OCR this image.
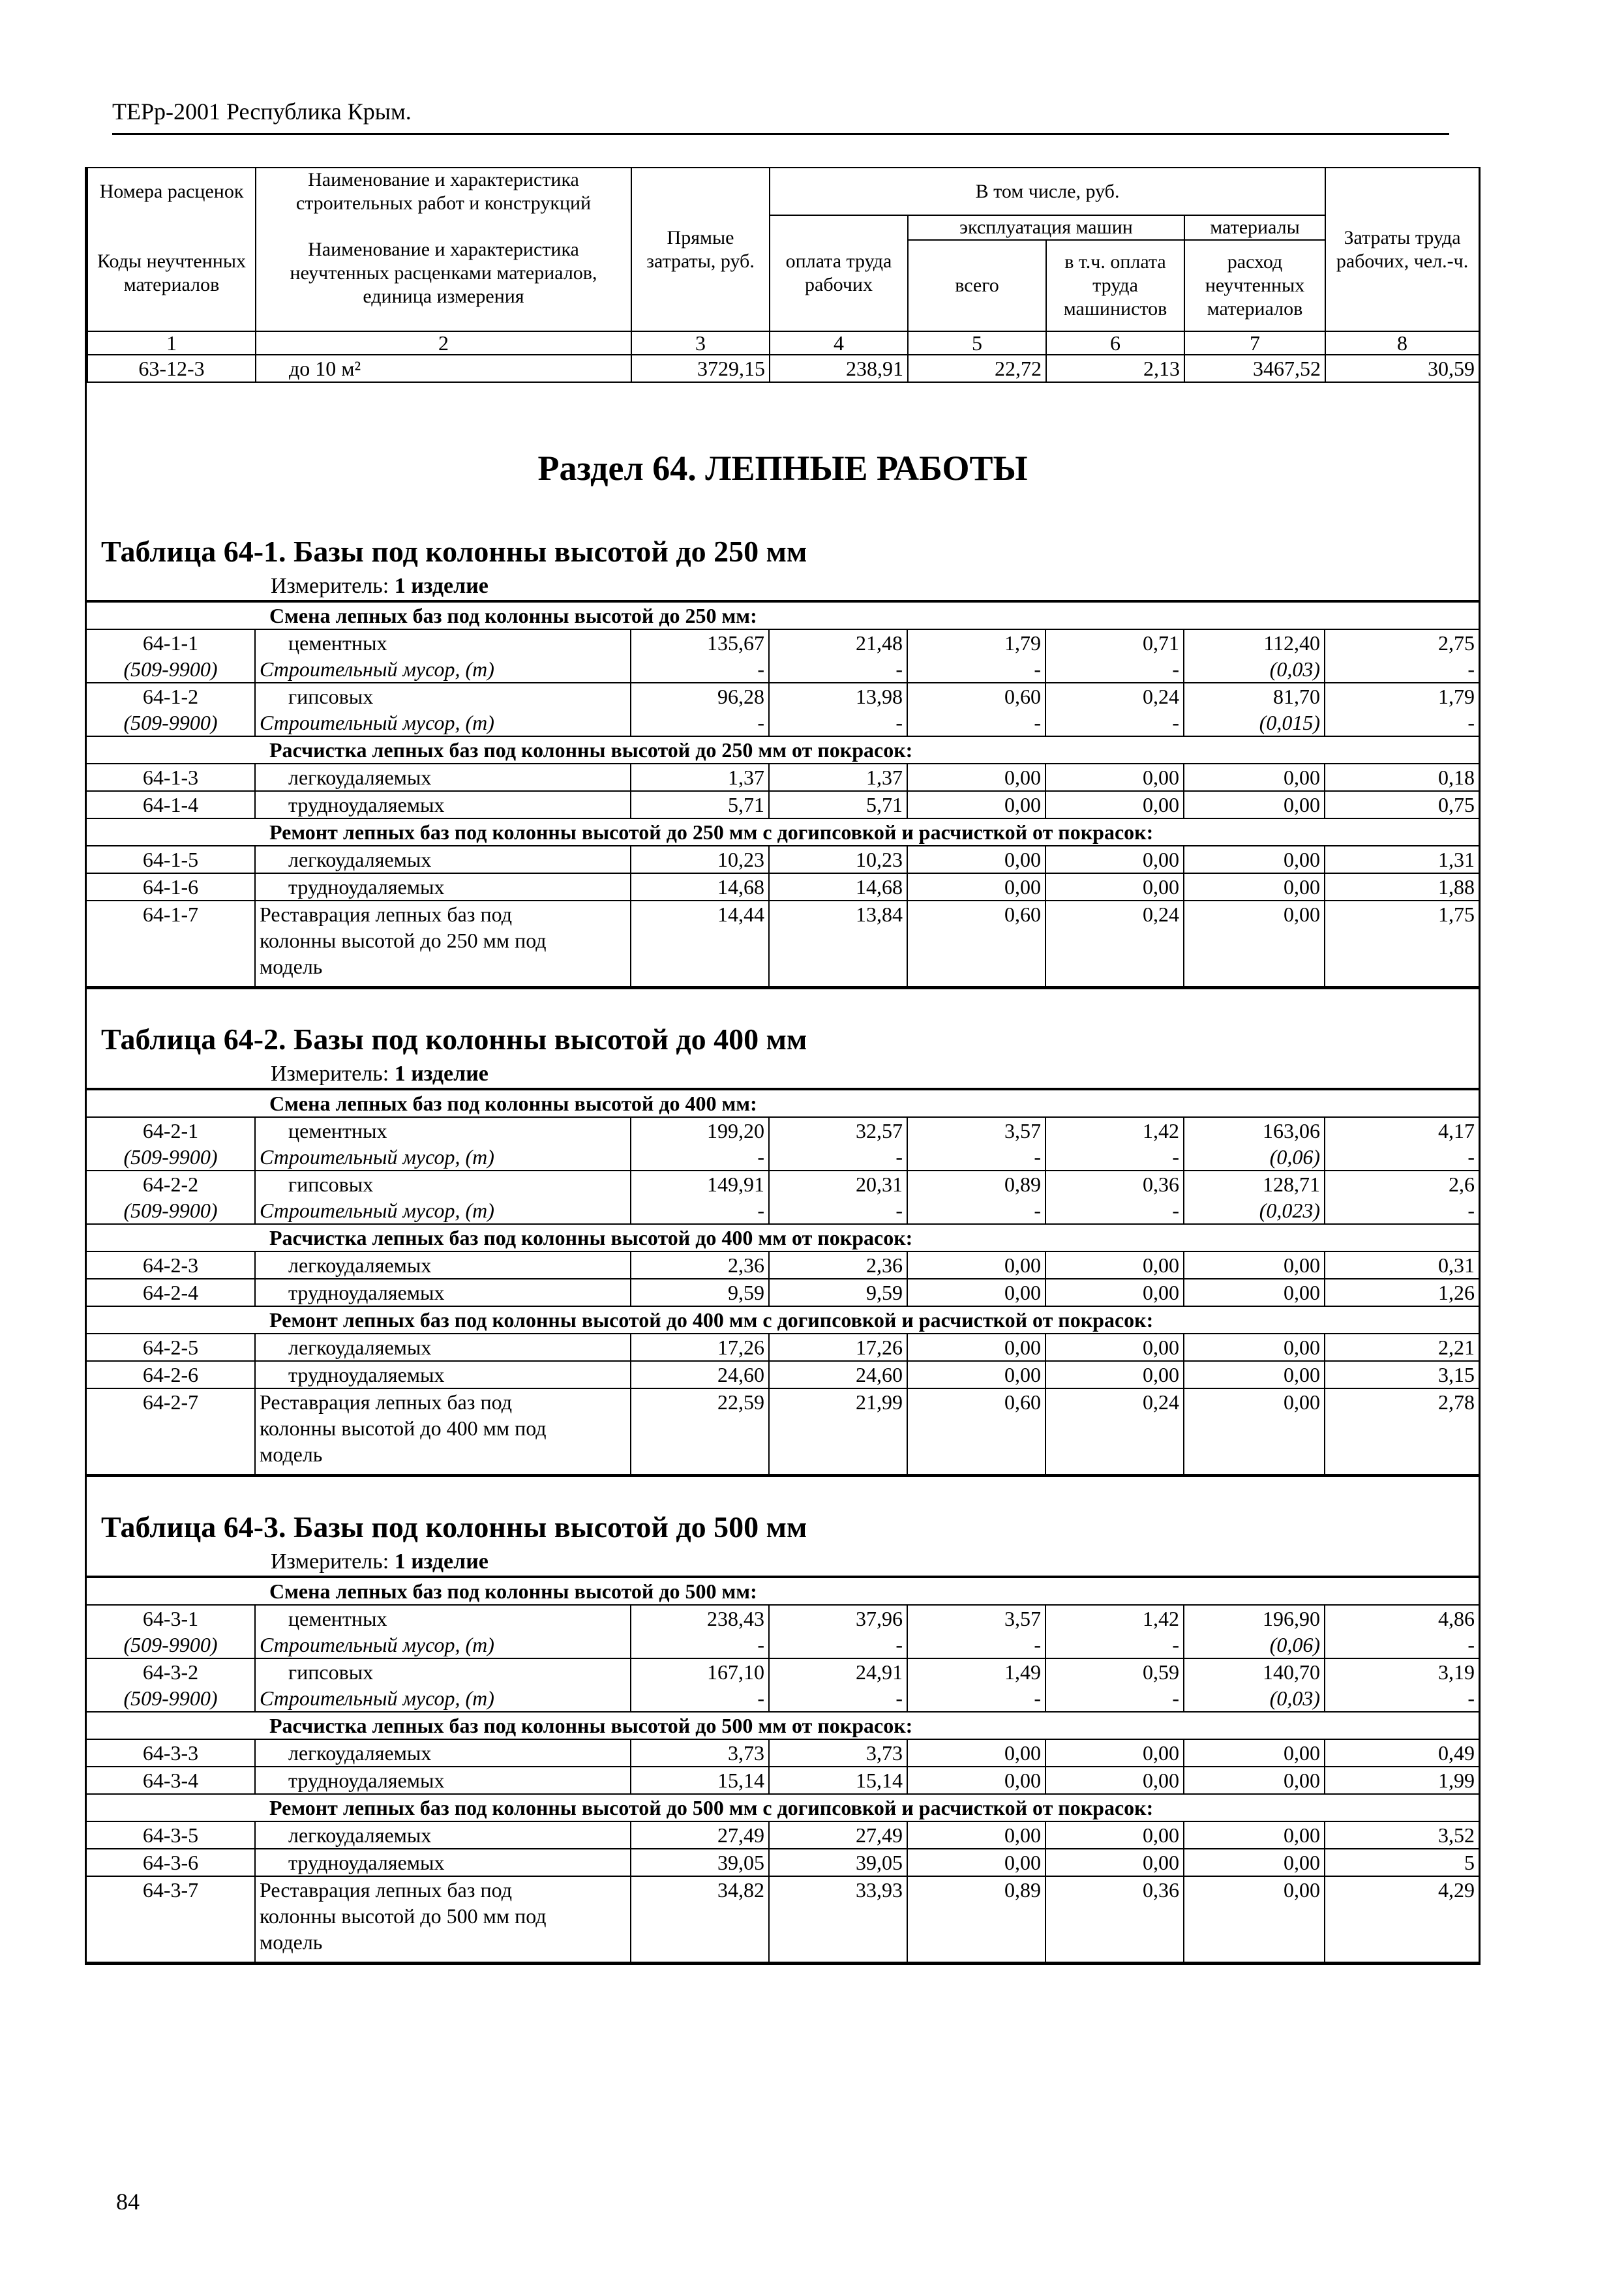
ТЕРр-2001 Республика Крым.
Номера расценок	Наименование и характеристика строительных работ и конструкций	Прямые затраты, руб.	В том числе, руб.				Затраты труда рабочих, чел.-ч.
Коды неучтенных материалов	Наименование и характеристика неучтенных расценками материалов, единица измерения		оплата труда рабочих	эксплуатация машин		материалы	
				всего	в т.ч. оплата труда машинистов	расход неучтенных материалов	
1	2	3	4	5	6	7	8
63-12-3	до 10 м²	3729,15	238,91	22,72	2,13	3467,52	30,59
Раздел 64. ЛЕПНЫЕ РАБОТЫ
Таблица 64-1. Базы под колонны высотой до 250 мм
Измеритель: 1 изделие
Смена лепных баз под колонны высотой до 250 мм:							
64-1-1	цементных	135,67	21,48	1,79	0,71	112,40	2,75
(509-9900)	Строительный мусор, (т)	-	-	-	-	(0,03)	-
64-1-2	гипсовых	96,28	13,98	0,60	0,24	81,70	1,79
(509-9900)	Строительный мусор, (т)	-	-	-	-	(0,015)	-
Расчистка лепных баз под колонны высотой до 250 мм от покрасок:							
64-1-3	легкоудаляемых	1,37	1,37	0,00	0,00	0,00	0,18
64-1-4	трудноудаляемых	5,71	5,71	0,00	0,00	0,00	0,75
Ремонт лепных баз под колонны высотой до 250 мм с догипсовкой и расчисткой от покрасок:							
64-1-5	легкоудаляемых	10,23	10,23	0,00	0,00	0,00	1,31
64-1-6	трудноудаляемых	14,68	14,68	0,00	0,00	0,00	1,88
64-1-7	Реставрация лепных баз под
колонны высотой до 250 мм под
модель	14,44	13,84	0,60	0,24	0,00	1,75
Таблица 64-2. Базы под колонны высотой до 400 мм
Измеритель: 1 изделие
Смена лепных баз под колонны высотой до 400 мм:							
64-2-1	цементных	199,20	32,57	3,57	1,42	163,06	4,17
(509-9900)	Строительный мусор, (т)	-	-	-	-	(0,06)	-
64-2-2	гипсовых	149,91	20,31	0,89	0,36	128,71	2,6
(509-9900)	Строительный мусор, (т)	-	-	-	-	(0,023)	-
Расчистка лепных баз под колонны высотой до 400 мм от покрасок:							
64-2-3	легкоудаляемых	2,36	2,36	0,00	0,00	0,00	0,31
64-2-4	трудноудаляемых	9,59	9,59	0,00	0,00	0,00	1,26
Ремонт лепных баз под колонны высотой до 400 мм с догипсовкой и расчисткой от покрасок:							
64-2-5	легкоудаляемых	17,26	17,26	0,00	0,00	0,00	2,21
64-2-6	трудноудаляемых	24,60	24,60	0,00	0,00	0,00	3,15
64-2-7	Реставрация лепных баз под
колонны высотой до 400 мм под
модель	22,59	21,99	0,60	0,24	0,00	2,78
Таблица 64-3. Базы под колонны высотой до 500 мм
Измеритель: 1 изделие
Смена лепных баз под колонны высотой до 500 мм:							
64-3-1	цементных	238,43	37,96	3,57	1,42	196,90	4,86
(509-9900)	Строительный мусор, (т)	-	-	-	-	(0,06)	-
64-3-2	гипсовых	167,10	24,91	1,49	0,59	140,70	3,19
(509-9900)	Строительный мусор, (т)	-	-	-	-	(0,03)	-
Расчистка лепных баз под колонны высотой до 500 мм от покрасок:							
64-3-3	легкоудаляемых	3,73	3,73	0,00	0,00	0,00	0,49
64-3-4	трудноудаляемых	15,14	15,14	0,00	0,00	0,00	1,99
Ремонт лепных баз под колонны высотой до 500 мм с догипсовкой и расчисткой от покрасок:							
64-3-5	легкоудаляемых	27,49	27,49	0,00	0,00	0,00	3,52
64-3-6	трудноудаляемых	39,05	39,05	0,00	0,00	0,00	5
64-3-7	Реставрация лепных баз под
колонны высотой до 500 мм под
модель	34,82	33,93	0,89	0,36	0,00	4,29
84
